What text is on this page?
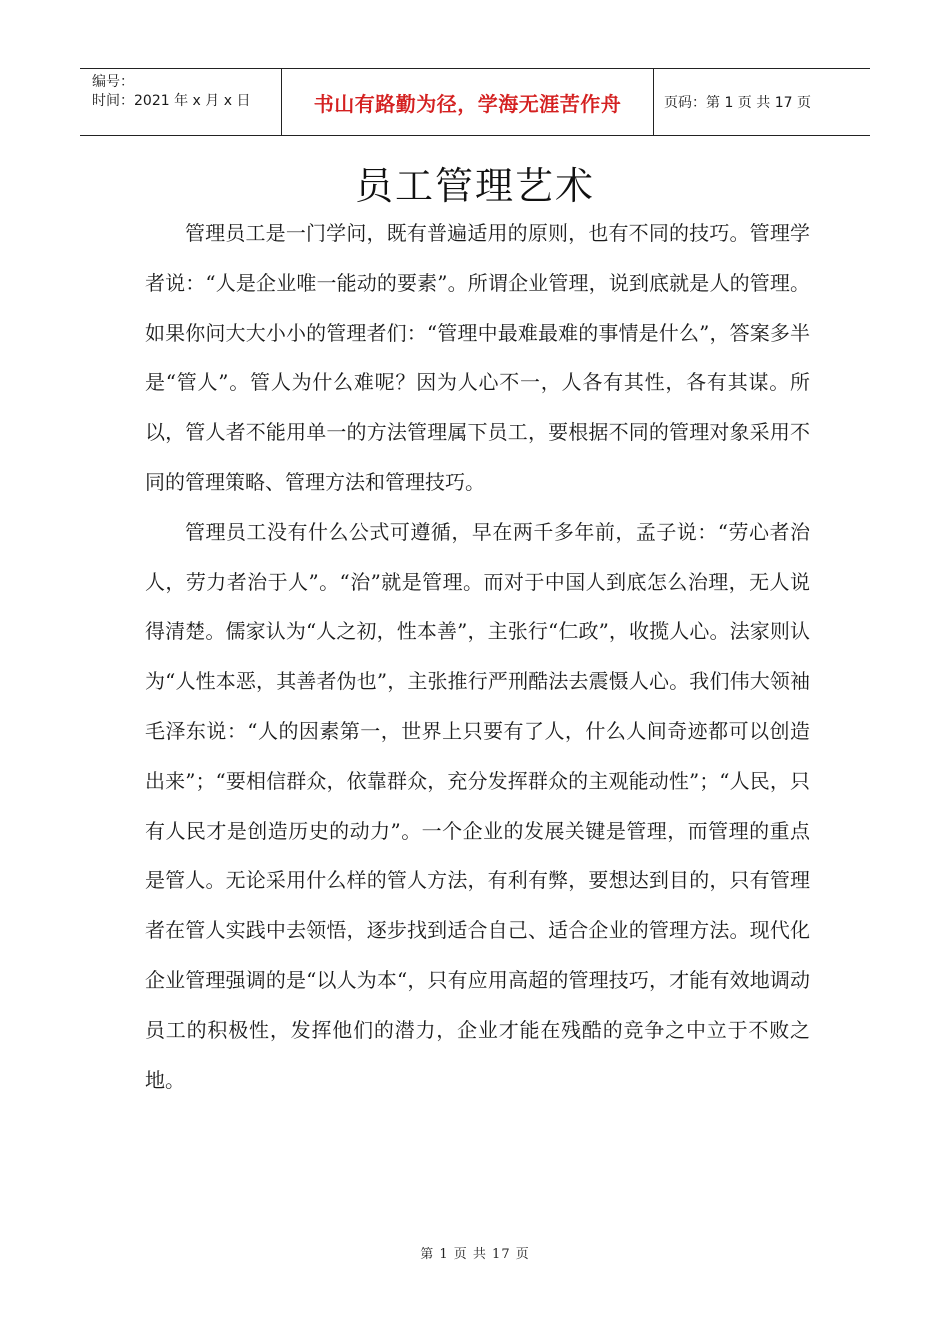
编号：
时间：2021 年 x 月 x 日	书山有路勤为径，学海无涯苦作舟	页码：第 1 页 共 17 页
员工管理艺术

管理员工是一门学问，既有普遍适用的原则，也有不同的技巧。管理学者说：“人是企业唯一能动的要素”。所谓企业管理，说到底就是人的管理。如果你问大大小小的管理者们：“管理中最难最难的事情是什么”，答案多半是“管人”。管人为什么难呢？因为人心不一，人各有其性，各有其谋。所以，管人者不能用单一的方法管理属下员工，要根据不同的管理对象采用不同的管理策略、管理方法和管理技巧。

管理员工没有什么公式可遵循，早在两千多年前，孟子说：“劳心者治人，劳力者治于人”。“治”就是管理。而对于中国人到底怎么治理，无人说得清楚。儒家认为“人之初，性本善”，主张行“仁政”，收揽人心。法家则认为“人性本恶，其善者伪也”，主张推行严刑酷法去震慑人心。我们伟大领袖毛泽东说：“人的因素第一，世界上只要有了人，什么人间奇迹都可以创造出来”；“要相信群众，依靠群众，充分发挥群众的主观能动性”；“人民，只有人民才是创造历史的动力”。一个企业的发展关键是管理，而管理的重点是管人。无论采用什么样的管人方法，有利有弊，要想达到目的，只有管理者在管人实践中去领悟，逐步找到适合自己、适合企业的管理方法。现代化企业管理强调的是“以人为本“，只有应用高超的管理技巧，才能有效地调动员工的积极性，发挥他们的潜力，企业才能在残酷的竞争之中立于不败之地。

第 1 页 共 17 页
